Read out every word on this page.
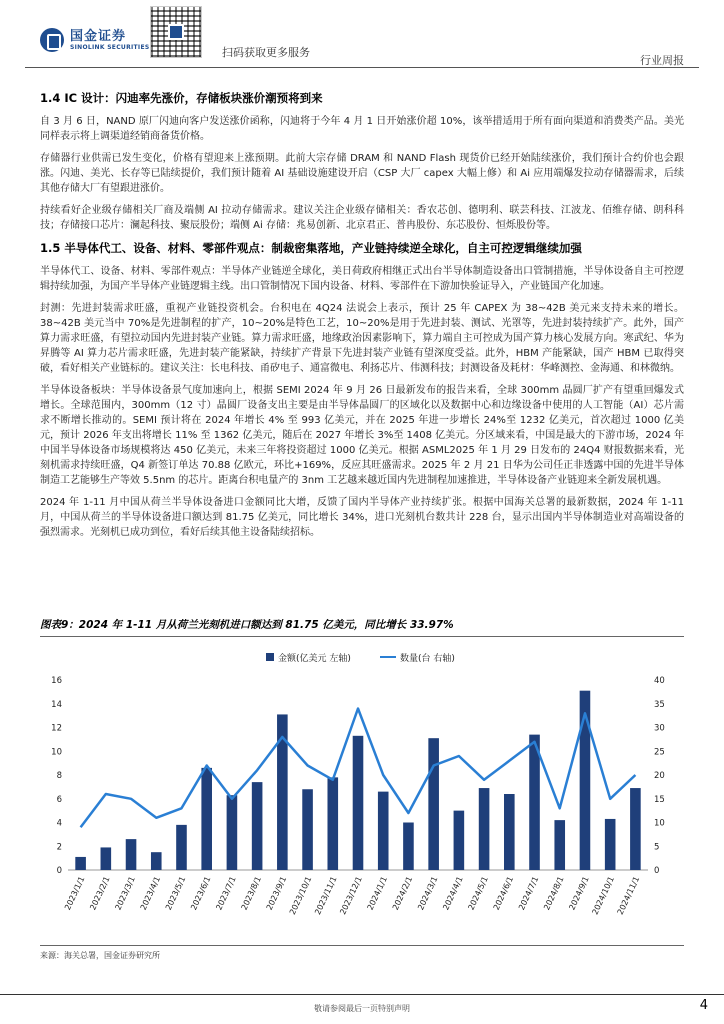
国金证券
SINOLINK SECURITIES	扫码获取更多服务
行业周报
1.4 IC 设计：闪迪率先涨价，存储板块涨价潮预将到来

自 3 月 6 日，NAND 原厂闪迪向客户发送涨价函称，闪迪将于今年 4 月 1 日开始涨价超 10%，该举措适用于所有面向渠道和消费类产品。美光同样表示将上调渠道经销商备货价格。

存储器行业供需已发生变化，价格有望迎来上涨预期。此前大宗存储 DRAM 和 NAND Flash 现货价已经开始陆续涨价，我们预计合约价也会跟涨。闪迪、美光、长存等已陆续提价，我们预计随着 AI 基础设施建设开启（CSP 大厂 capex 大幅上修）和 Ai 应用端爆发拉动存储器需求，后续其他存储大厂有望跟进涨价。

持续看好企业级存储相关厂商及端侧 AI 拉动存储需求。建议关注企业级存储相关：香农芯创、德明利、联芸科技、江波龙、佰维存储、朗科科技；存储接口芯片：澜起科技、聚辰股份；端侧 Ai 存储：兆易创新、北京君正、普冉股份、东芯股份、恒烁股份等。

1.5 半导体代工、设备、材料、零部件观点：制裁密集落地，产业链持续逆全球化，自主可控逻辑继续加强

半导体代工、设备、材料、零部件观点：半导体产业链逆全球化，美日荷政府相继正式出台半导体制造设备出口管制措施，半导体设备自主可控逻辑持续加强，为国产半导体产业链逻辑主线。出口管制情况下国内设备、材料、零部件在下游加快验证导入，产业链国产化加速。

封测：先进封装需求旺盛，重视产业链投资机会。台积电在 4Q24 法说会上表示，预计 25 年 CAPEX 为 38~42B 美元来支持未来的增长。38~42B 美元当中 70%是先进制程的扩产，10~20%是特色工艺，10~20%是用于先进封装、测试、光罩等，先进封装持续扩产。此外，国产算力需求旺盛，有望拉动国内先进封装产业链。算力需求旺盛，地缘政治因素影响下，算力端自主可控成为国产算力核心发展方向。寒武纪、华为昇腾等 AI 算力芯片需求旺盛，先进封装产能紧缺，持续扩产背景下先进封装产业链有望深度受益。此外，HBM 产能紧缺，国产 HBM 已取得突破，看好相关产业链标的。建议关注：长电科技、甬矽电子、通富微电、利扬芯片、伟测科技；封测设备及耗材：华峰测控、金海通、和林微纳。

半导体设备板块：半导体设备景气度加速向上，根据 SEMI 2024 年 9 月 26 日最新发布的报告来看，全球 300mm 晶圆厂扩产有望重回爆发式增长。全球范围内，300mm（12 寸）晶圆厂设备支出主要是由半导体晶圆厂的区域化以及数据中心和边缘设备中使用的人工智能（AI）芯片需求不断增长推动的。SEMI 预计将在 2024 年增长 4% 至 993 亿美元，并在 2025 年进一步增长 24%至 1232 亿美元，首次超过 1000 亿美元，预计 2026 年支出将增长 11% 至 1362 亿美元，随后在 2027 年增长 3%至 1408 亿美元。分区域来看，中国是最大的下游市场，2024 年中国半导体设备市场规模将达 450 亿美元，未来三年将投资超过 1000 亿美元。根据 ASML2025 年 1 月 29 日发布的 24Q4 财报数据来看，光刻机需求持续旺盛，Q4 新签订单达 70.88 亿欧元，环比+169%，反应其旺盛需求。2025 年 2 月 21 日华为公司任正非透露中国的先进半导体制造工艺能够生产等效 5.5nm 的芯片。距离台积电量产的 3nm 工艺越来越近国内先进制程加速推进，半导体设备产业链迎来全新发展机遇。

2024 年 1-11 月中国从荷兰半导体设备进口金额同比大增，反馈了国内半导体产业持续扩张。根据中国海关总署的最新数据，2024 年 1-11 月，中国从荷兰的半导体设备进口额达到 81.75 亿美元，同比增长 34%，进口光刻机台数共计 228 台，显示出国内半导体制造业对高端设备的强烈需求。光刻机已成功到位，看好后续其他主设备陆续招标。

图表9：2024 年 1-11 月从荷兰光刻机进口额达到 81.75 亿美元，同比增长 33.97%
金额(亿美元 左轴)	数量(台 右轴)
0
2
4
6
8
10
12
14
16
0
5
10
15
20
25
30
35
40
2023/1/1 2023/2/1 2023/3/1 2023/4/1 2023/5/1 2023/6/1 2023/7/1 2023/8/1 2023/9/1 2023/10/1 2023/11/1 2023/12/1 2024/1/1 2024/2/1 2024/3/1 2024/4/1 2024/5/1 2024/6/1 2024/7/1 2024/8/1 2024/9/1 2024/10/1 2024/11/1
来源：海关总署，国金证券研究所
敬请参阅最后一页特别声明	4
